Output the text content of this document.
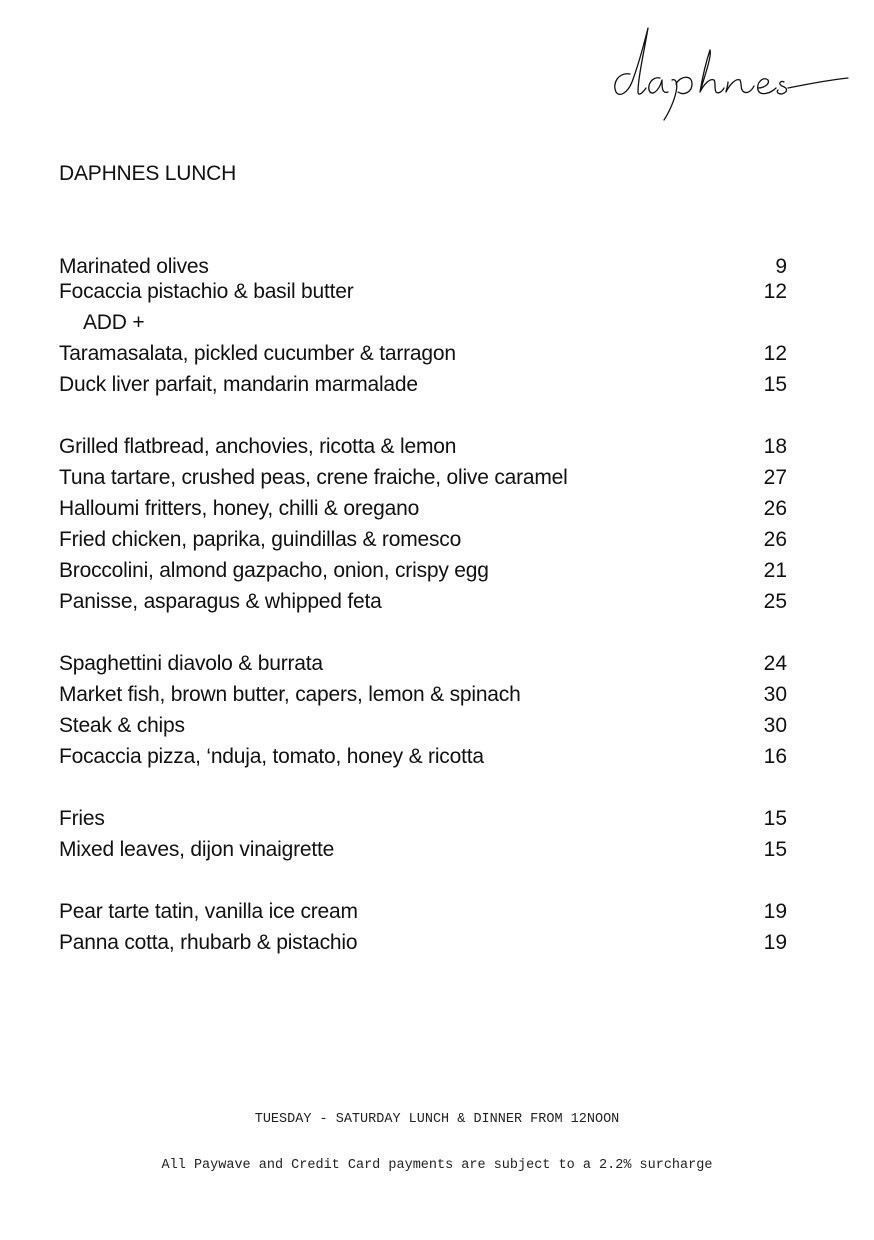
DAPHNES LUNCH
Marinated olives	9
Focaccia pistachio & basil butter	12
ADD +
Taramasalata, pickled cucumber & tarragon	12
Duck liver parfait, mandarin marmalade	15
Grilled flatbread, anchovies, ricotta & lemon	18
Tuna tartare, crushed peas, crene fraiche, olive caramel	27
Halloumi fritters, honey, chilli & oregano	26
Fried chicken, paprika, guindillas & romesco	26
Broccolini, almond gazpacho, onion, crispy egg	21
Panisse, asparagus & whipped feta	25
Spaghettini diavolo & burrata	24
Market fish, brown butter, capers, lemon & spinach	30
Steak & chips	30
Focaccia pizza, ‘nduja, tomato, honey & ricotta	16
Fries	15
Mixed leaves, dijon vinaigrette	15
Pear tarte tatin, vanilla ice cream	19
Panna cotta, rhubarb & pistachio	19
TUESDAY - SATURDAY LUNCH & DINNER FROM 12NOON
All Paywave and Credit Card payments are subject to a 2.2% surcharge
